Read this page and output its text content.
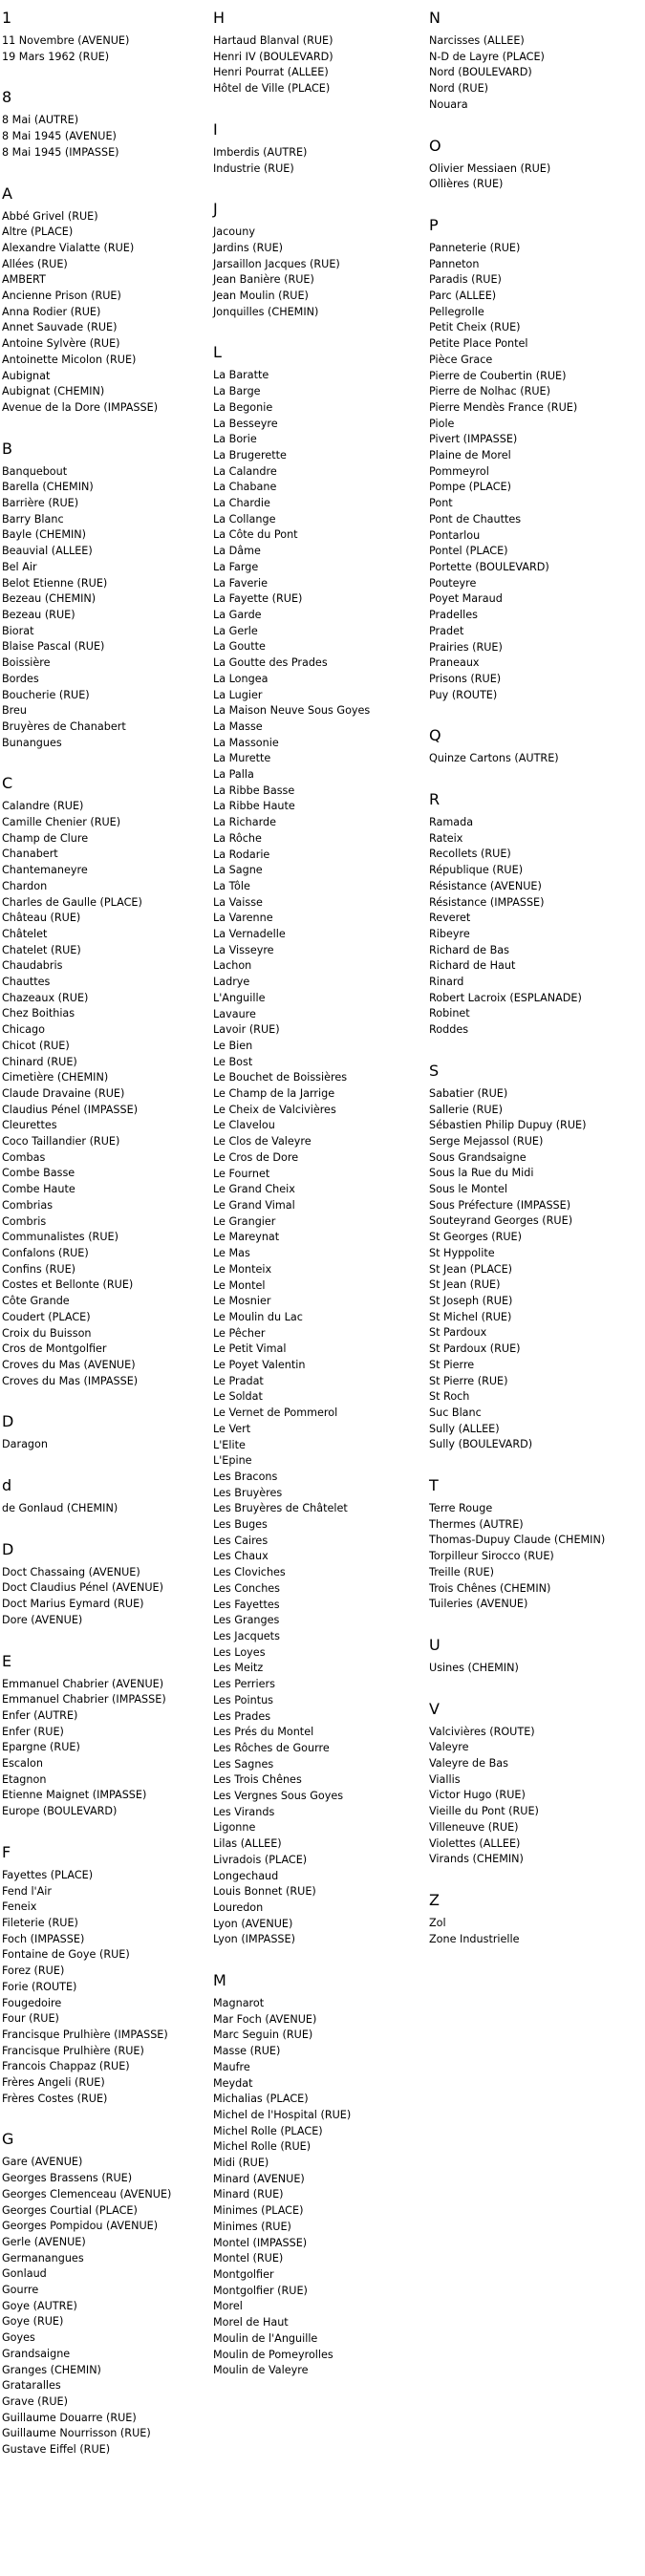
1
11 Novembre (AVENUE)
19 Mars 1962 (RUE)
8
8 Mai (AUTRE)
8 Mai 1945 (AVENUE)
8 Mai 1945 (IMPASSE)
A
Abbé Grivel (RUE)
Altre (PLACE)
Alexandre Vialatte (RUE)
Allées (RUE)
AMBERT
Ancienne Prison (RUE)
Anna Rodier (RUE)
Annet Sauvade (RUE)
Antoine Sylvère (RUE)
Antoinette Micolon (RUE)
Aubignat
Aubignat (CHEMIN)
Avenue de la Dore (IMPASSE)
B
Banquebout
Barella (CHEMIN)
Barrière (RUE)
Barry Blanc
Bayle (CHEMIN)
Beauvial (ALLEE)
Bel Air
Belot Etienne (RUE)
Bezeau (CHEMIN)
Bezeau (RUE)
Biorat
Blaise Pascal (RUE)
Boissière
Bordes
Boucherie (RUE)
Breu
Bruyères de Chanabert
Bunangues
C
Calandre (RUE)
Camille Chenier (RUE)
Champ de Clure
Chanabert
Chantemaneyre
Chardon
Charles de Gaulle (PLACE)
Château (RUE)
Châtelet
Chatelet (RUE)
Chaudabris
Chauttes
Chazeaux (RUE)
Chez Boithias
Chicago
Chicot (RUE)
Chinard (RUE)
Cimetière (CHEMIN)
Claude Dravaine (RUE)
Claudius Pénel (IMPASSE)
Cleurettes
Coco Taillandier (RUE)
Combas
Combe Basse
Combe Haute
Combrias
Combris
Communalistes (RUE)
Confalons (RUE)
Confins (RUE)
Costes et Bellonte (RUE)
Côte Grande
Coudert (PLACE)
Croix du Buisson
Cros de Montgolfier
Croves du Mas (AVENUE)
Croves du Mas (IMPASSE)
D
Daragon
d
de Gonlaud (CHEMIN)
D
Doct Chassaing (AVENUE)
Doct Claudius Pénel (AVENUE)
Doct Marius Eymard (RUE)
Dore (AVENUE)
E
Emmanuel Chabrier (AVENUE)
Emmanuel Chabrier (IMPASSE)
Enfer (AUTRE)
Enfer (RUE)
Epargne (RUE)
Escalon
Etagnon
Etienne Maignet (IMPASSE)
Europe (BOULEVARD)
F
Fayettes (PLACE)
Fend l'Air
Feneix
Fileterie (RUE)
Foch (IMPASSE)
Fontaine de Goye (RUE)
Forez (RUE)
Forie (ROUTE)
Fougedoire
Four (RUE)
Francisque Prulhière (IMPASSE)
Francisque Prulhière (RUE)
Francois Chappaz (RUE)
Frères Angeli (RUE)
Frères Costes (RUE)
G
Gare (AVENUE)
Georges Brassens (RUE)
Georges Clemenceau (AVENUE)
Georges Courtial (PLACE)
Georges Pompidou (AVENUE)
Gerle (AVENUE)
Germanangues
Gonlaud
Gourre
Goye (AUTRE)
Goye (RUE)
Goyes
Grandsaigne
Granges (CHEMIN)
Grataralles
Grave (RUE)
Guillaume Douarre (RUE)
Guillaume Nourrisson (RUE)
Gustave Eiffel (RUE)
H
Hartaud Blanval (RUE)
Henri IV (BOULEVARD)
Henri Pourrat (ALLEE)
Hôtel de Ville (PLACE)
I
Imberdis (AUTRE)
Industrie (RUE)
J
Jacouny
Jardins (RUE)
Jarsaillon Jacques (RUE)
Jean Banière (RUE)
Jean Moulin (RUE)
Jonquilles (CHEMIN)
L
La Baratte
La Barge
La Begonie
La Besseyre
La Borie
La Brugerette
La Calandre
La Chabane
La Chardie
La Collange
La Côte du Pont
La Dâme
La Farge
La Faverie
La Fayette (RUE)
La Garde
La Gerle
La Goutte
La Goutte des Prades
La Longea
La Lugier
La Maison Neuve Sous Goyes
La Masse
La Massonie
La Murette
La Palla
La Ribbe Basse
La Ribbe Haute
La Richarde
La Rôche
La Rodarie
La Sagne
La Tôle
La Vaisse
La Varenne
La Vernadelle
La Visseyre
Lachon
Ladrye
L'Anguille
Lavaure
Lavoir (RUE)
Le Bien
Le Bost
Le Bouchet de Boissières
Le Champ de la Jarrige
Le Cheix de Valcivières
Le Clavelou
Le Clos de Valeyre
Le Cros de Dore
Le Fournet
Le Grand Cheix
Le Grand Vimal
Le Grangier
Le Mareynat
Le Mas
Le Monteix
Le Montel
Le Mosnier
Le Moulin du Lac
Le Pêcher
Le Petit Vimal
Le Poyet Valentin
Le Pradat
Le Soldat
Le Vernet de Pommerol
Le Vert
L'Elite
L'Epine
Les Bracons
Les Bruyères
Les Bruyères de Châtelet
Les Buges
Les Caires
Les Chaux
Les Cloviches
Les Conches
Les Fayettes
Les Granges
Les Jacquets
Les Loyes
Les Meitz
Les Perriers
Les Pointus
Les Prades
Les Prés du Montel
Les Rôches de Gourre
Les Sagnes
Les Trois Chênes
Les Vergnes Sous Goyes
Les Virands
Ligonne
Lilas (ALLEE)
Livradois (PLACE)
Longechaud
Louis Bonnet (RUE)
Louredon
Lyon (AVENUE)
Lyon (IMPASSE)
M
Magnarot
Mar Foch (AVENUE)
Marc Seguin (RUE)
Masse (RUE)
Maufre
Meydat
Michalias (PLACE)
Michel de l'Hospital (RUE)
Michel Rolle (PLACE)
Michel Rolle (RUE)
Midi (RUE)
Minard (AVENUE)
Minard (RUE)
Minimes (PLACE)
Minimes (RUE)
Montel (IMPASSE)
Montel (RUE)
Montgolfier
Montgolfier (RUE)
Morel
Morel de Haut
Moulin de l'Anguille
Moulin de Pomeyrolles
Moulin de Valeyre
N
Narcisses (ALLEE)
N-D de Layre (PLACE)
Nord (BOULEVARD)
Nord (RUE)
Nouara
O
Olivier Messiaen (RUE)
Ollières (RUE)
P
Panneterie (RUE)
Panneton
Paradis (RUE)
Parc (ALLEE)
Pellegrolle
Petit Cheix (RUE)
Petite Place Pontel
Pièce Grace
Pierre de Coubertin (RUE)
Pierre de Nolhac (RUE)
Pierre Mendès France (RUE)
Piole
Pivert (IMPASSE)
Plaine de Morel
Pommeyrol
Pompe (PLACE)
Pont
Pont de Chauttes
Pontarlou
Pontel (PLACE)
Portette (BOULEVARD)
Pouteyre
Poyet Maraud
Pradelles
Pradet
Prairies (RUE)
Praneaux
Prisons (RUE)
Puy (ROUTE)
Q
Quinze Cartons (AUTRE)
R
Ramada
Rateix
Recollets (RUE)
République (RUE)
Résistance (AVENUE)
Résistance (IMPASSE)
Reveret
Ribeyre
Richard de Bas
Richard de Haut
Rinard
Robert Lacroix (ESPLANADE)
Robinet
Roddes
S
Sabatier (RUE)
Sallerie (RUE)
Sébastien Philip Dupuy (RUE)
Serge Mejassol (RUE)
Sous Grandsaigne
Sous la Rue du Midi
Sous le Montel
Sous Préfecture (IMPASSE)
Souteyrand Georges (RUE)
St Georges (RUE)
St Hyppolite
St Jean (PLACE)
St Jean (RUE)
St Joseph (RUE)
St Michel (RUE)
St Pardoux
St Pardoux (RUE)
St Pierre
St Pierre (RUE)
St Roch
Suc Blanc
Sully (ALLEE)
Sully (BOULEVARD)
T
Terre Rouge
Thermes (AUTRE)
Thomas-Dupuy Claude (CHEMIN)
Torpilleur Sirocco (RUE)
Treille (RUE)
Trois Chênes (CHEMIN)
Tuileries (AVENUE)
U
Usines (CHEMIN)
V
Valcivières (ROUTE)
Valeyre
Valeyre de Bas
Viallis
Victor Hugo (RUE)
Vieille du Pont (RUE)
Villeneuve (RUE)
Violettes (ALLEE)
Virands (CHEMIN)
Z
Zol
Zone Industrielle
